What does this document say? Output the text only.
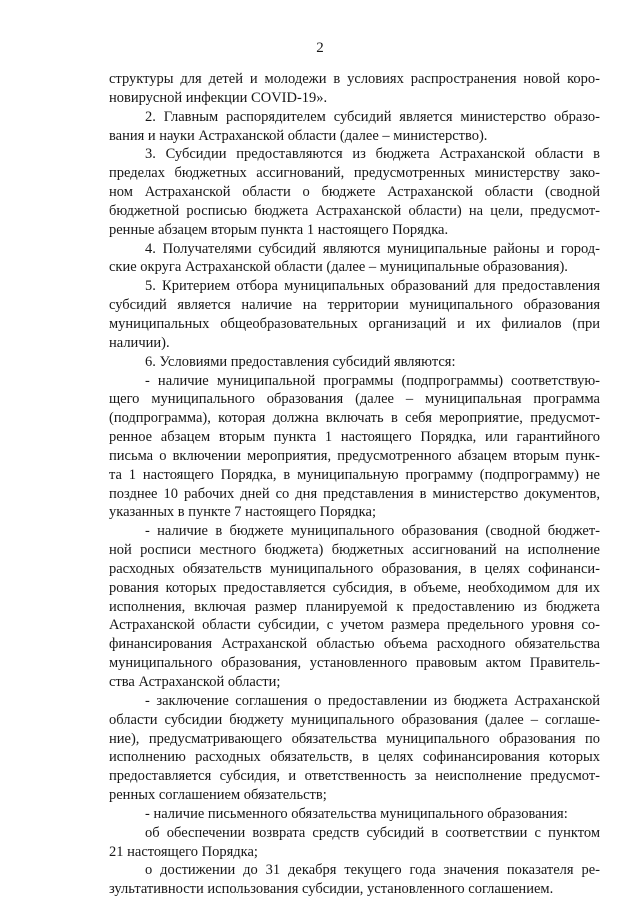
2
структуры для детей и молодежи в условиях распространения новой коро-
новирусной инфекции COVID-19».
2. Главным распорядителем субсидий является министерство образо-
вания и науки Астраханской области (далее – министерство).
3. Субсидии предоставляются из бюджета Астраханской области в
пределах бюджетных ассигнований, предусмотренных министерству зако-
ном Астраханской области о бюджете Астраханской области (сводной
бюджетной росписью бюджета Астраханской области) на цели, предусмот-
ренные абзацем вторым пункта 1 настоящего Порядка.
4. Получателями субсидий являются муниципальные районы и город-
ские округа Астраханской области (далее – муниципальные образования).
5. Критерием отбора муниципальных образований для предоставления
субсидий является наличие на территории муниципального образования
муниципальных общеобразовательных организаций и их филиалов (при
наличии).
6. Условиями предоставления субсидий являются:
- наличие муниципальной программы (подпрограммы) соответствую-
щего муниципального образования (далее – муниципальная программа
(подпрограмма), которая должна включать в себя мероприятие, предусмот-
ренное абзацем вторым пункта 1 настоящего Порядка, или гарантийного
письма о включении мероприятия, предусмотренного абзацем вторым пунк-
та 1 настоящего Порядка, в муниципальную программу (подпрограмму) не
позднее 10 рабочих дней со дня представления в министерство документов,
указанных в пункте 7 настоящего Порядка;
- наличие в бюджете муниципального образования (сводной бюджет-
ной росписи местного бюджета) бюджетных ассигнований на исполнение
расходных обязательств муниципального образования, в целях софинанси-
рования которых предоставляется субсидия, в объеме, необходимом для их
исполнения, включая размер планируемой к предоставлению из бюджета
Астраханской области субсидии, с учетом размера предельного уровня со-
финансирования Астраханской областью объема расходного обязательства
муниципального образования, установленного правовым актом Правитель-
ства Астраханской области;
- заключение соглашения о предоставлении из бюджета Астраханской
области субсидии бюджету муниципального образования (далее – соглаше-
ние), предусматривающего обязательства муниципального образования по
исполнению расходных обязательств, в целях софинансирования которых
предоставляется субсидия, и ответственность за неисполнение предусмот-
ренных соглашением обязательств;
- наличие письменного обязательства муниципального образования:
об обеспечении возврата средств субсидий в соответствии с пунктом
21 настоящего Порядка;
о достижении до 31 декабря текущего года значения показателя ре-
зультативности использования субсидии, установленного соглашением.
